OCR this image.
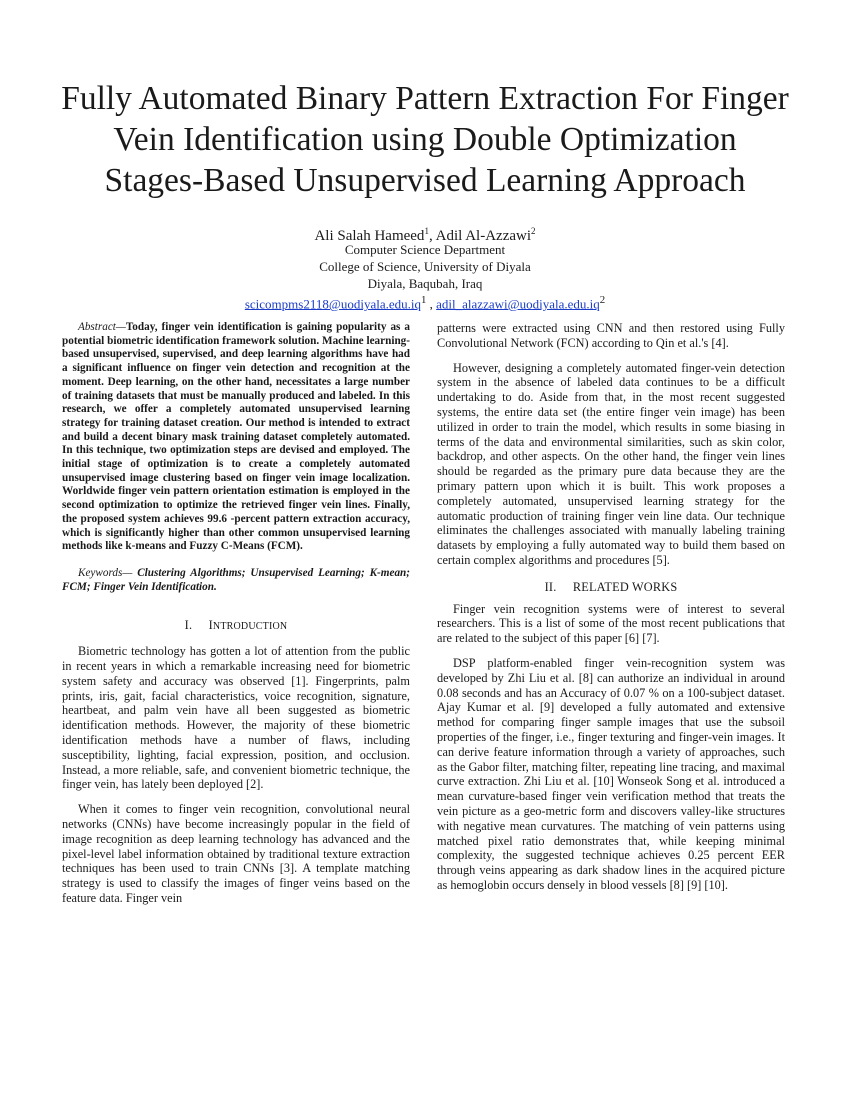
Fully Automated Binary Pattern Extraction For Finger
Vein Identification using Double Optimization
Stages-Based Unsupervised Learning Approach
Ali Salah Hameed$^1$, Adil Al-Azzawi$^2$
Computer Science Department
College of Science, University of Diyala
Diyala, Baqubah, Iraq
$scicompms2118@uodiyala.edu.iq^1$ , $adil\_alazzawi@uodiyala.edu.iq^2$

Abstract—Today, finger vein identification is gaining popularity as a potential biometric identification framework solution. Machine learning-based unsupervised, supervised, and deep learning algorithms have had a significant influence on finger vein detection and recognition at the moment. Deep learning, on the other hand, necessitates a large number of training datasets that must be manually produced and labeled. In this research, we offer a completely automated unsupervised learning strategy for training dataset creation. Our method is intended to extract and build a decent binary mask training dataset completely automated. In this technique, two optimization steps are devised and employed. The initial stage of optimization is to create a completely automated unsupervised image clustering based on finger vein image localization. Worldwide finger vein pattern orientation estimation is employed in the second optimization to optimize the retrieved finger vein lines. Finally, the proposed system achieves 99.6 -percent pattern extraction accuracy, which is significantly higher than other common unsupervised learning methods like k-means and Fuzzy C-Means (FCM).

Keywords— Clustering Algorithms; Unsupervised Learning; K-mean; FCM; Finger Vein Identification.

I. INTRODUCTION

Biometric technology has gotten a lot of attention from the public in recent years in which a remarkable increasing need for biometric system safety and accuracy was observed [1]. Fingerprints, palm prints, iris, gait, facial characteristics, voice recognition, signature, heartbeat, and palm vein have all been suggested as biometric identification methods. However, the majority of these biometric identification methods have a number of flaws, including susceptibility, lighting, facial expression, position, and occlusion. Instead, a more reliable, safe, and convenient biometric technique, the finger vein, has lately been deployed [2].

When it comes to finger vein recognition, convolutional neural networks (CNNs) have become increasingly popular in the field of image recognition as deep learning technology has advanced and the pixel-level label information obtained by traditional texture extraction techniques has been used to train CNNs [3]. A template matching strategy is used to classify the images of finger veins based on the feature data. Finger vein

patterns were extracted using CNN and then restored using Fully Convolutional Network (FCN) according to Qin et al.'s [4].

However, designing a completely automated finger-vein detection system in the absence of labeled data continues to be a difficult undertaking to do. Aside from that, in the most recent suggested systems, the entire data set (the entire finger vein image) has been utilized in order to train the model, which results in some biasing in terms of the data and environmental similarities, such as skin color, backdrop, and other aspects. On the other hand, the finger vein lines should be regarded as the primary pure data because they are the primary pattern upon which it is built. This work proposes a completely automated, unsupervised learning strategy for the automatic production of training finger vein line data. Our technique eliminates the challenges associated with manually labeling training datasets by employing a fully automated way to build them based on certain complex algorithms and procedures [5].

II. RELATED WORKS

Finger vein recognition systems were of interest to several researchers. This is a list of some of the most recent publications that are related to the subject of this paper [6] [7].

DSP platform-enabled finger vein-recognition system was developed by Zhi Liu et al. [8] can authorize an individual in around 0.08 seconds and has an Accuracy of 0.07 % on a 100-subject dataset. Ajay Kumar et al. [9] developed a fully automated and extensive method for comparing finger sample images that use the subsoil properties of the finger, i.e., finger texturing and finger-vein images. It can derive feature information through a variety of approaches, such as the Gabor filter, matching filter, repeating line tracing, and maximal curve extraction. Zhi Liu et al. [10] Wonseok Song et al. introduced a mean curvature-based finger vein verification method that treats the vein picture as a geo-metric form and discovers valley-like structures with negative mean curvatures. The matching of vein patterns using matched pixel ratio demonstrates that, while keeping minimal complexity, the suggested technique achieves 0.25 percent EER through veins appearing as dark shadow lines in the acquired picture as hemoglobin occurs densely in blood vessels [8] [9] [10].
